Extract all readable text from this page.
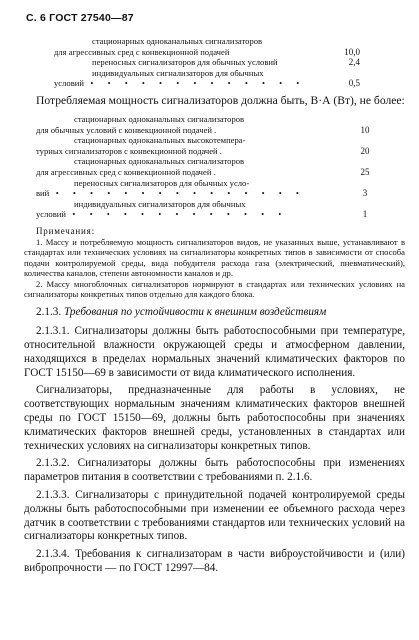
С. 6 ГОСТ 27540—87
стационарных одноканальных сигнализаторов
для агрессивных сред с конвекционной подачей	10,0

переносных сигнализаторов для обычных условий	2,4

индивидуальных сигнализаторов для обычных
условий • • • • • • • • • • • • •	0,5

Потребляемая мощность сигнализаторов должна быть, В·А (Вт), не более:

стационарных одноканальных сигнализаторов
для обычных условий с конвекционной подачей .	10

стационарных одноканальных высокотемпера-
турных сигнализаторов с конвекционной подачей .	20

стационарных одноканальных сигнализаторов
для агрессивных сред с конвекционной подачей .	25

переносных сигнализаторов для обычных усло-
вий • • • • • • • • • • • • • • •	3

индивидуальных сигнализаторов для обычных
условий • • • • • • • • • • • • •	1
Примечания:

1. Массу и потребляемую мощность сигнализаторов видов, не указанных выше, устанавливают в стандартах или технических условиях на сигнализаторы конкретных типов в зависимости от способа подачи контролируемой среды, вида побудителя расхода газа (электрический, пневматический), количества каналов, степени автономности каналов и др.

2. Массу многоблочных сигнализаторов нормируют в стандартах или технических условиях на сигнализаторы конкретных типов отдельно для каждого блока.

2.1.3. Требования по устойчивости к внешним воздействиям

2.1.3.1. Сигнализаторы должны быть работоспособными при температуре, относительной влажности окружающей среды и атмосферном давлении, находящихся в пределах нормальных значений климатических факторов по ГОСТ 15150—69 в зависимости от вида климатического исполнения.

Сигнализаторы, предназначенные для работы в условиях, не соответствующих нормальным значениям климатических факторов внешней среды по ГОСТ 15150—69, должны быть работоспособны при значениях климатических факторов внешней среды, установленных в стандартах или технических условиях на сигнализаторы конкретных типов.

2.1.3.2. Сигнализаторы должны быть работоспособны при изменениях параметров питания в соответствии с требованиями п. 2.1.6.

2.1.3.3. Сигнализаторы с принудительной подачей контролируемой среды должны быть работоспособными при изменении ее объемного расхода через датчик в соответствии с требованиями стандартов или технических условий на сигнализаторы конкретных типов.

2.1.3.4. Требования к сигнализаторам в части виброустойчивости и (или) вибропрочности — по ГОСТ 12997—84.
